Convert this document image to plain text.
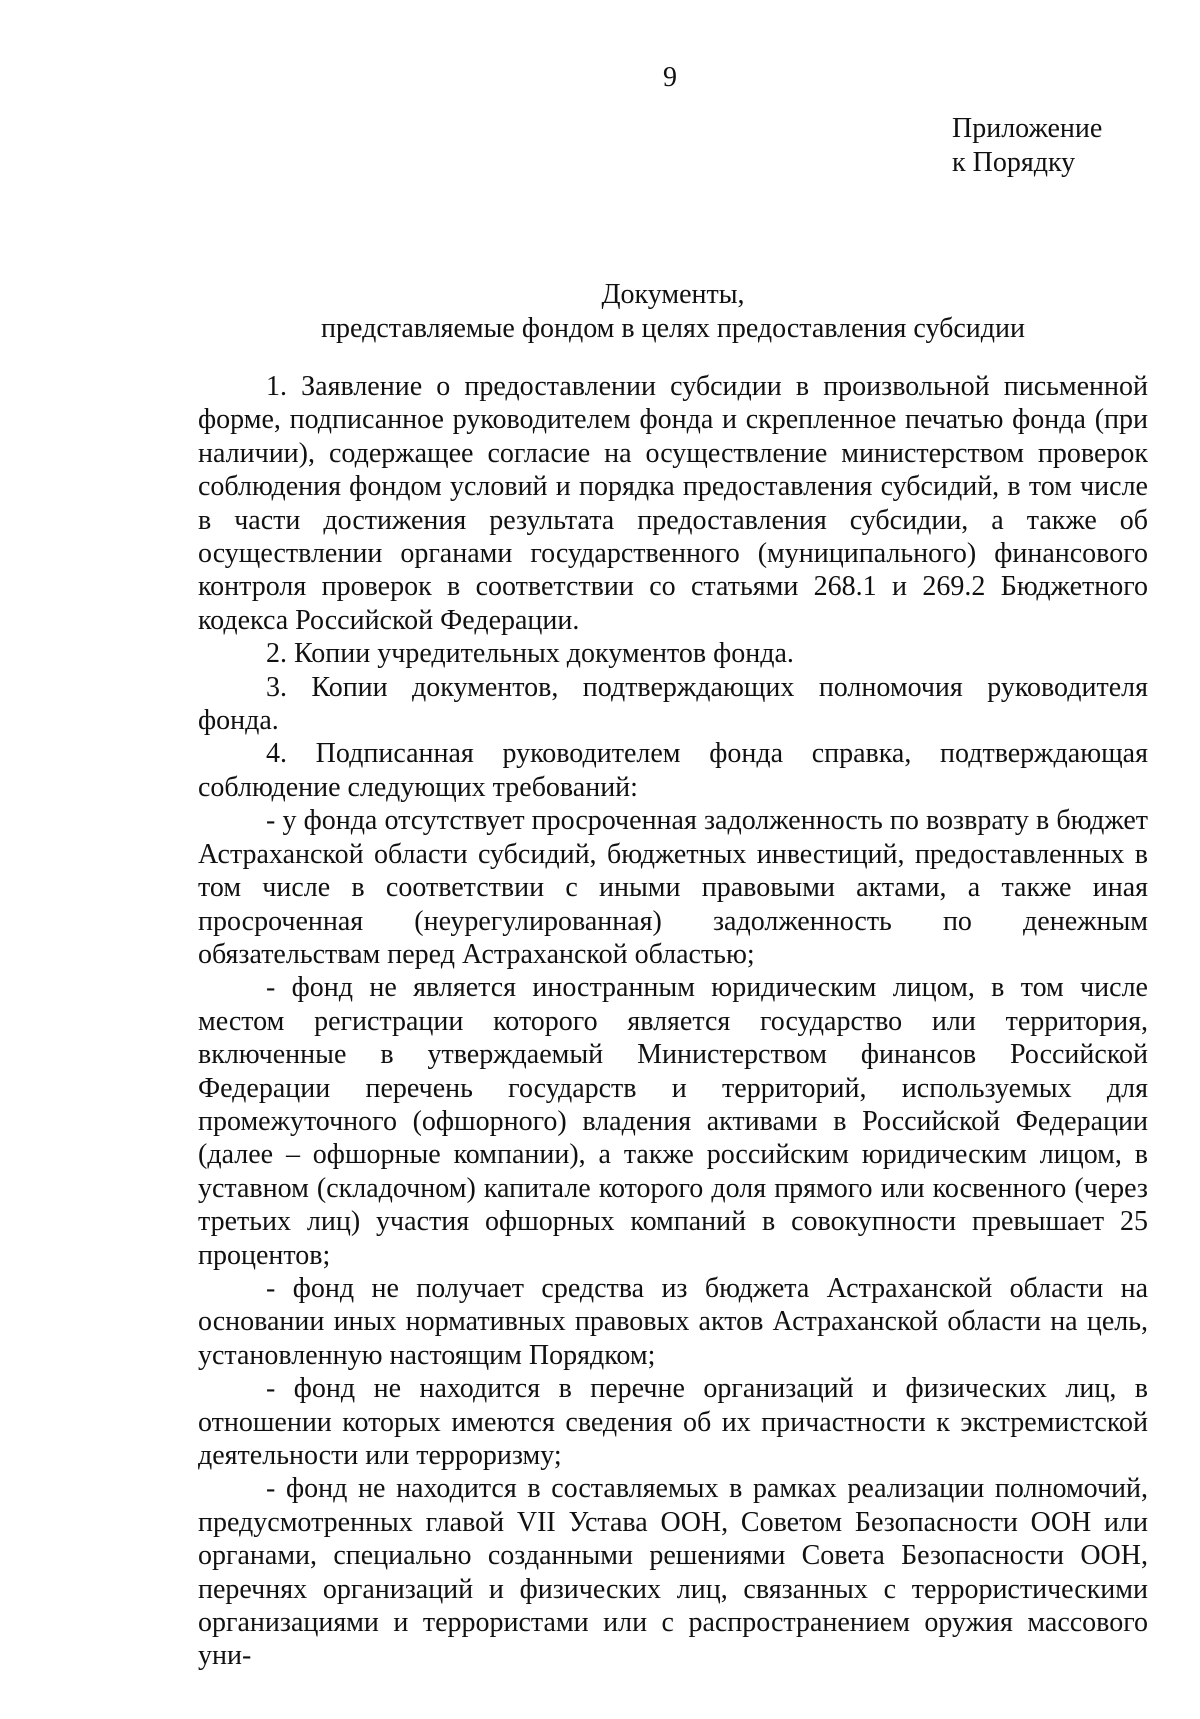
9
Приложение
к Порядку
Документы,
представляемые фондом в целях предоставления субсидии

1. Заявление о предоставлении субсидии в произвольной письменной форме, подписанное руководителем фонда и скрепленное печатью фонда (при наличии), содержащее согласие на осуществление министерством проверок соблюдения фондом условий и порядка предоставления субсидий, в том числе в части достижения результата предоставления субсидии, а также об осуществлении органами государственного (муниципального) финансового контроля проверок в соответствии со статьями 268.1 и 269.2 Бюджетного кодекса Российской Федерации.

2. Копии учредительных документов фонда.

3. Копии документов, подтверждающих полномочия руководителя фонда.

4. Подписанная руководителем фонда справка, подтверждающая соблюдение следующих требований:

- у фонда отсутствует просроченная задолженность по возврату в бюджет Астраханской области субсидий, бюджетных инвестиций, предоставленных в том числе в соответствии с иными правовыми актами, а также иная просроченная (неурегулированная) задолженность по денежным обязательствам перед Астраханской областью;

- фонд не является иностранным юридическим лицом, в том числе местом регистрации которого является государство или территория, включенные в утверждаемый Министерством финансов Российской Федерации перечень государств и территорий, используемых для промежуточного (офшорного) владения активами в Российской Федерации (далее – офшорные компании), а также российским юридическим лицом, в уставном (складочном) капитале которого доля прямого или косвенного (через третьих лиц) участия офшорных компаний в совокупности превышает 25 процентов;

- фонд не получает средства из бюджета Астраханской области на основании иных нормативных правовых актов Астраханской области на цель, установленную настоящим Порядком;

- фонд не находится в перечне организаций и физических лиц, в отношении которых имеются сведения об их причастности к экстремистской деятельности или терроризму;

- фонд не находится в составляемых в рамках реализации полномочий, предусмотренных главой VII Устава ООН, Советом Безопасности ООН или органами, специально созданными решениями Совета Безопасности ООН, перечнях организаций и физических лиц, связанных с террористическими организациями и террористами или с распространением оружия массового уни-
